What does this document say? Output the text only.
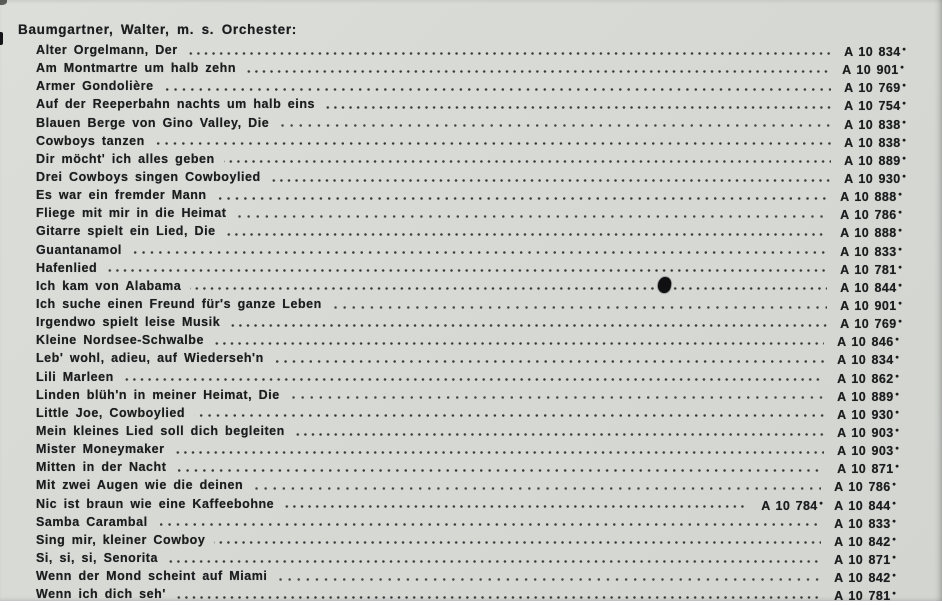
Baumgartner, Walter, m. s. Orchester:
Alter Orgelmann, Der	A 10 834 ●
Am Montmartre um halb zehn	A 10 901 ●
Armer Gondolière	A 10 769 ●
Auf der Reeperbahn nachts um halb eins	A 10 754 ●
Blauen Berge von Gino Valley, Die	A 10 838 ●
Cowboys tanzen	A 10 838 ●
Dir möcht' ich alles geben	A 10 889 ●
Drei Cowboys singen Cowboylied	A 10 930 ●
Es war ein fremder Mann	A 10 888 ●
Fliege mit mir in die Heimat	A 10 786 ●
Gitarre spielt ein Lied, Die	A 10 888 ●
Guantanamol	A 10 833 ●
Hafenlied	A 10 781 ●
Ich kam von Alabama	A 10 844 ●
Ich suche einen Freund für's ganze Leben	A 10 901 ●
Irgendwo spielt leise Musik	A 10 769 ●
Kleine Nordsee-Schwalbe	A 10 846 ●
Leb' wohl, adieu, auf Wiederseh'n	A 10 834 ●
Lili Marleen	A 10 862 ●
Linden blüh'n in meiner Heimat, Die	A 10 889 ●
Little Joe, Cowboylied	A 10 930 ●
Mein kleines Lied soll dich begleiten	A 10 903 ●
Mister Moneymaker	A 10 903 ●
Mitten in der Nacht	A 10 871 ●
Mit zwei Augen wie die deinen	A 10 786 ●
Nic ist braun wie eine Kaffeebohne	A 10 784 ● A 10 844 ●
Samba Carambal	A 10 833 ●
Sing mir, kleiner Cowboy	A 10 842 ●
Si, si, si, Senorita	A 10 871 ●
Wenn der Mond scheint auf Miami	A 10 842 ●
Wenn ich dich seh'	A 10 781 ●
